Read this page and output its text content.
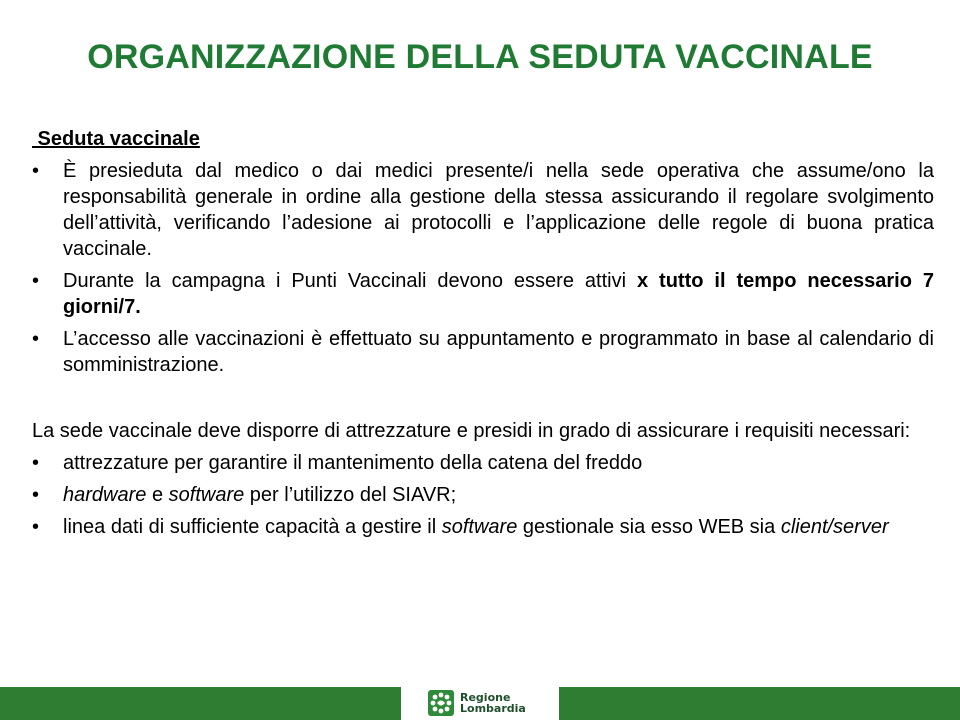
ORGANIZZAZIONE DELLA SEDUTA VACCINALE
Seduta vaccinale
• È presieduta dal medico o dai medici presente/i nella sede operativa che assume/ono la responsabilità generale in ordine alla gestione della stessa assicurando il regolare svolgimento dell’attività, verificando l’adesione ai protocolli e l’applicazione delle regole di buona pratica vaccinale.
• Durante la campagna i Punti Vaccinali devono essere attivi x tutto il tempo necessario 7 giorni/7.
• L’accesso alle vaccinazioni è effettuato su appuntamento e programmato in base al calendario di somministrazione.
La sede vaccinale deve disporre di attrezzature e presidi in grado di assicurare i requisiti necessari:
• attrezzature per garantire il mantenimento della catena del freddo
• hardware e software per l’utilizzo del SIAVR;
• linea dati di sufficiente capacità a gestire il software gestionale sia esso WEB sia client/server
Regione
Lombardia
